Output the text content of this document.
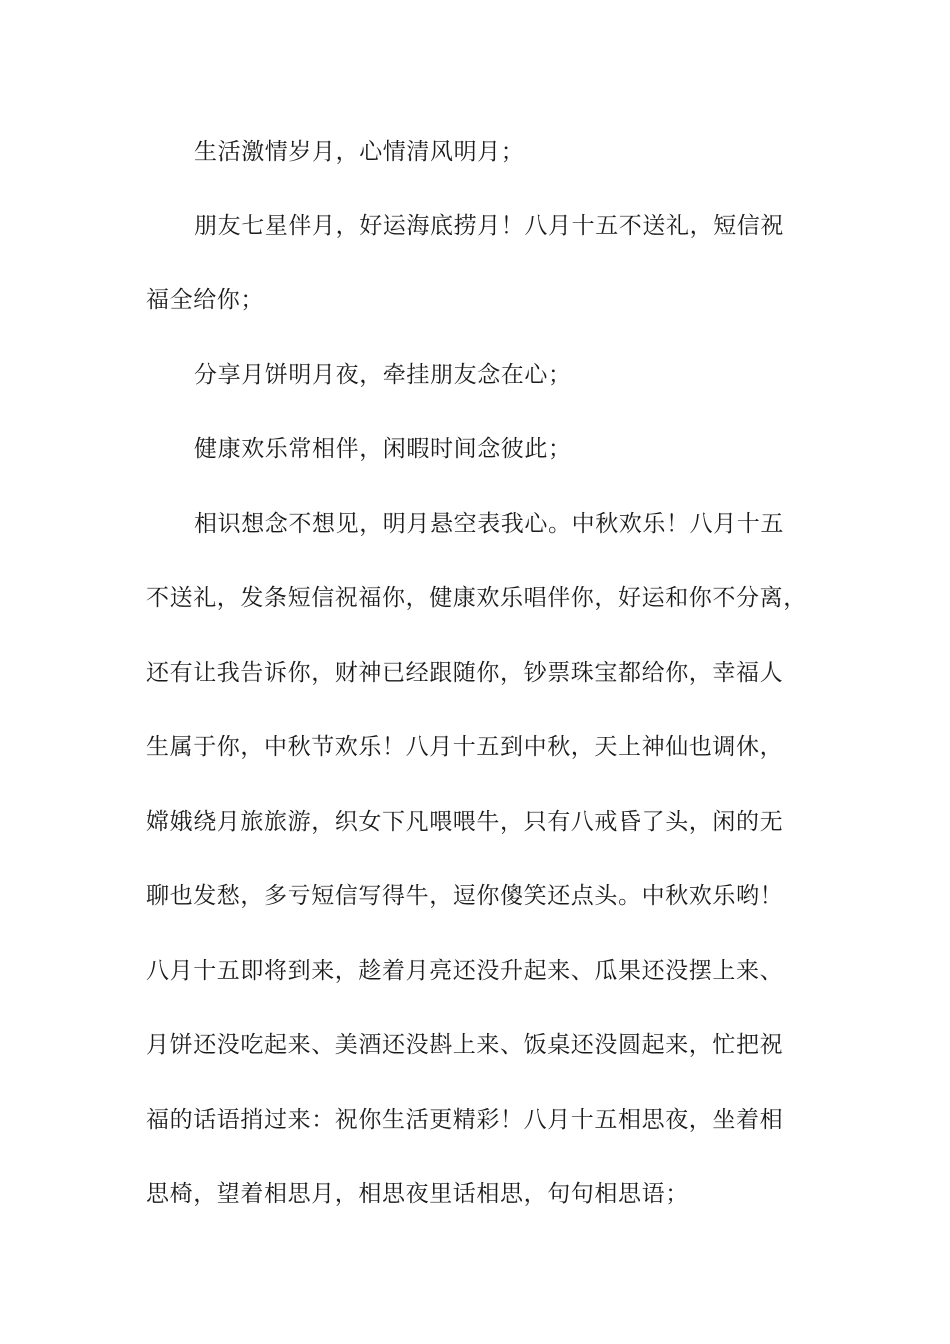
生活激情岁月，心情清风明月；
朋友七星伴月，好运海底捞月！八月十五不送礼，短信祝
福全给你；
分享月饼明月夜，牵挂朋友念在心；
健康欢乐常相伴，闲暇时间念彼此；
相识想念不想见，明月悬空表我心。中秋欢乐！八月十五
不送礼，发条短信祝福你，健康欢乐唱伴你，好运和你不分离，
还有让我告诉你，财神已经跟随你，钞票珠宝都给你，幸福人
生属于你，中秋节欢乐！八月十五到中秋，天上神仙也调休，
嫦娥绕月旅旅游，织女下凡喂喂牛，只有八戒昏了头，闲的无
聊也发愁，多亏短信写得牛，逗你傻笑还点头。中秋欢乐哟！
八月十五即将到来，趁着月亮还没升起来、瓜果还没摆上来、
月饼还没吃起来、美酒还没斟上来、饭桌还没圆起来，忙把祝
福的话语捎过来：祝你生活更精彩！八月十五相思夜，坐着相
思椅，望着相思月，相思夜里话相思，句句相思语；
